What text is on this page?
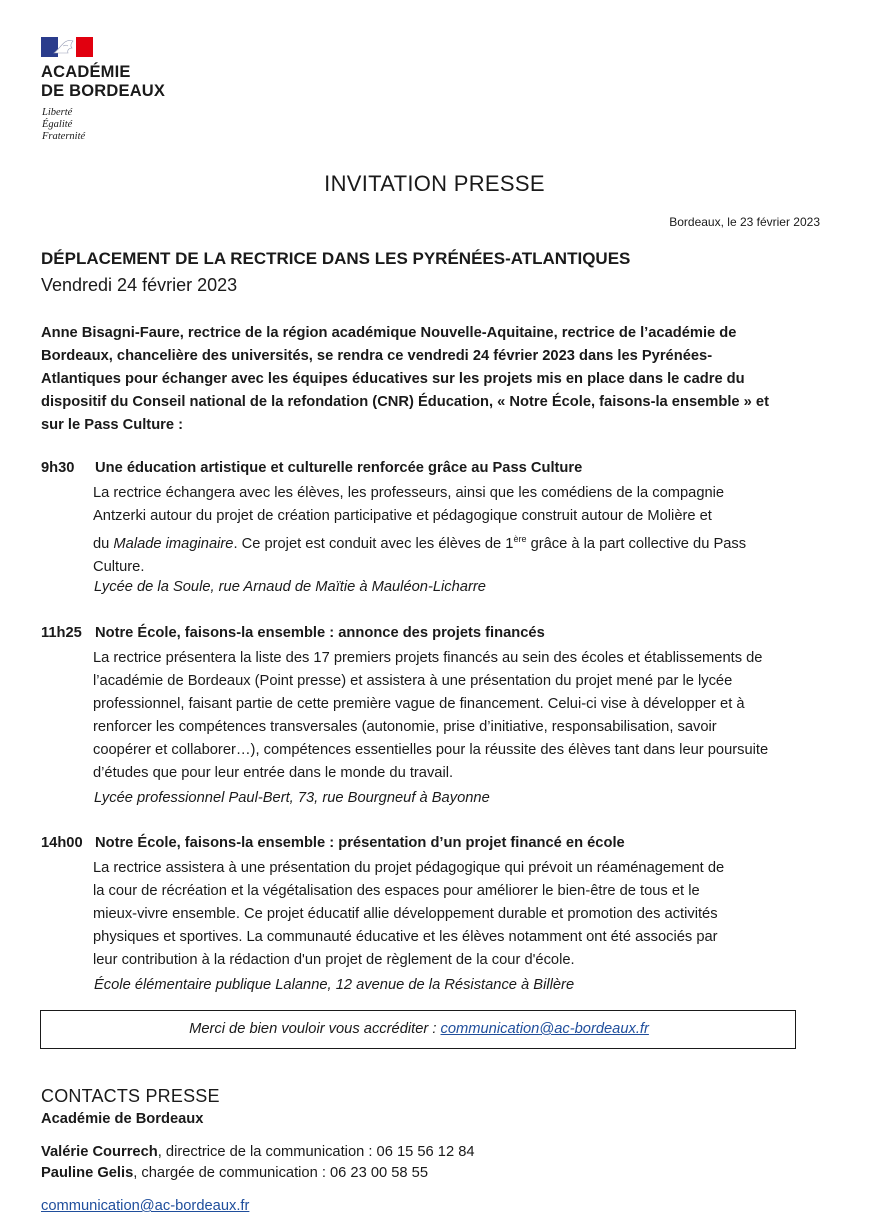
ACADÉMIE
DE BORDEAUX
Liberté
Égalité
Fraternité
INVITATION PRESSE
Bordeaux, le 23 février 2023
DÉPLACEMENT DE LA RECTRICE DANS LES PYRÉNÉES-ATLANTIQUES
Vendredi 24 février 2023
Anne Bisagni-Faure, rectrice de la région académique Nouvelle-Aquitaine, rectrice de l’académie de
Bordeaux, chancelière des universités, se rendra ce vendredi 24 février 2023 dans les Pyrénées-
Atlantiques pour échanger avec les équipes éducatives sur les projets mis en place dans le cadre du
dispositif du Conseil national de la refondation (CNR) Éducation, « Notre École, faisons-la ensemble » et
sur le Pass Culture :
9h30 Une éducation artistique et culturelle renforcée grâce au Pass Culture

La rectrice échangera avec les élèves, les professeurs, ainsi que les comédiens de la compagnie

Antzerki autour du projet de création participative et pédagogique construit autour de Molière et

du Malade imaginaire. Ce projet est conduit avec les élèves de 1ère grâce à la part collective du Pass

Culture.

Lycée de la Soule, rue Arnaud de Maïtie à Mauléon-Licharre
11h25 Notre École, faisons-la ensemble : annonce des projets financés

La rectrice présentera la liste des 17 premiers projets financés au sein des écoles et établissements de

l’académie de Bordeaux (Point presse) et assistera à une présentation du projet mené par le lycée

professionnel, faisant partie de cette première vague de financement. Celui-ci vise à développer et à

renforcer les compétences transversales (autonomie, prise d’initiative, responsabilisation, savoir

coopérer et collaborer…), compétences essentielles pour la réussite des élèves tant dans leur poursuite

d’études que pour leur entrée dans le monde du travail.

Lycée professionnel Paul-Bert, 73, rue Bourgneuf à Bayonne
14h00 Notre École, faisons-la ensemble : présentation d’un projet financé en école

La rectrice assistera à une présentation du projet pédagogique qui prévoit un réaménagement de

la cour de récréation et la végétalisation des espaces pour améliorer le bien-être de tous et le

mieux-vivre ensemble. Ce projet éducatif allie développement durable et promotion des activités

physiques et sportives. La communauté éducative et les élèves notamment ont été associés par

leur contribution à la rédaction d'un projet de règlement de la cour d'école.

École élémentaire publique Lalanne, 12 avenue de la Résistance à Billère
Merci de bien vouloir vous accréditer : communication@ac-bordeaux.fr
CONTACTS PRESSE
Académie de Bordeaux
Valérie Courrech, directrice de la communication : 06 15 56 12 84
Pauline Gelis, chargée de communication : 06 23 00 58 55
communication@ac-bordeaux.fr
